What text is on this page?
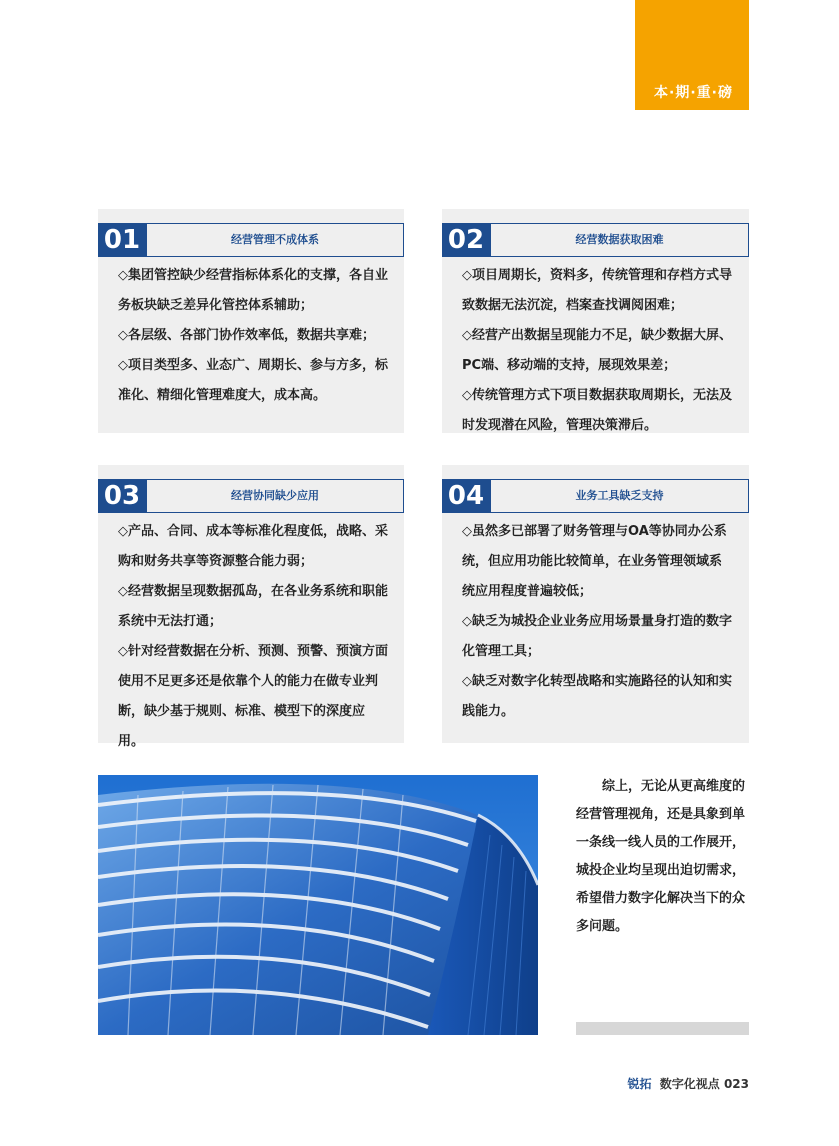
本·期·重·磅
01	经营管理不成体系

◇集团管控缺少经营指标体系化的支撑，各自业务板块缺乏差异化管控体系辅助；

◇各层级、各部门协作效率低，数据共享难；

◇项目类型多、业态广、周期长、参与方多，标准化、精细化管理难度大，成本高。

02	经营数据获取困难

◇项目周期长，资料多，传统管理和存档方式导致数据无法沉淀，档案查找调阅困难；

◇经营产出数据呈现能力不足，缺少数据大屏、PC端、移动端的支持，展现效果差；

◇传统管理方式下项目数据获取周期长，无法及时发现潜在风险，管理决策滞后。

03	经营协同缺少应用

◇产品、合同、成本等标准化程度低，战略、采购和财务共享等资源整合能力弱；

◇经营数据呈现数据孤岛，在各业务系统和职能系统中无法打通；

◇针对经营数据在分析、预测、预警、预演方面使用不足更多还是依靠个人的能力在做专业判断，缺少基于规则、标准、模型下的深度应用。

04	业务工具缺乏支持

◇虽然多已部署了财务管理与OA等协同办公系统，但应用功能比较简单，在业务管理领域系统应用程度普遍较低；

◇缺乏为城投企业业务应用场景量身打造的数字化管理工具；

◇缺乏对数字化转型战略和实施路径的认知和实践能力。

综上，无论从更高维度的经营管理视角，还是具象到单一条线一线人员的工作展开，城投企业均呈现出迫切需求，希望借力数字化解决当下的众多问题。
锐拓 数字化视点 023
